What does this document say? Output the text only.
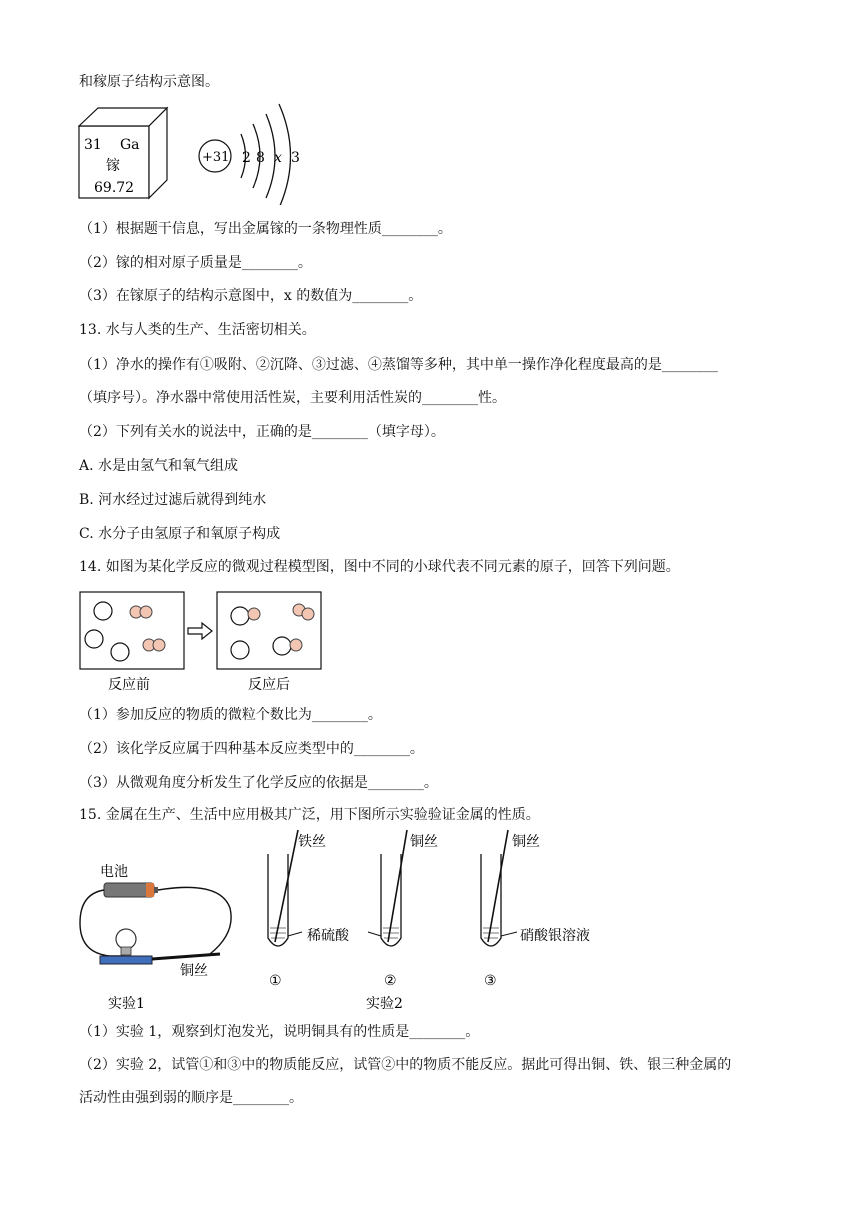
和稼原子结构示意图。
31 Ga
镓
69.72
+31 2 8 x 3
（1）根据题干信息，写出金属镓的一条物理性质________。
（2）镓的相对原子质量是________。
（3）在镓原子的结构示意图中，x 的数值为________。
13. 水与人类的生产、生活密切相关。
（1）净水的操作有①吸附、②沉降、③过滤、④蒸馏等多种，其中单一操作净化程度最高的是________
（填序号）。净水器中常使用活性炭，主要利用活性炭的________性。
（2）下列有关水的说法中，正确的是________（填字母）。
A. 水是由氢气和氧气组成
B. 河水经过过滤后就得到纯水
C. 水分子由氢原子和氧原子构成
14. 如图为某化学反应的微观过程模型图，图中不同的小球代表不同元素的原子，回答下列问题。
反应前	反应后
（1）参加反应的物质的微粒个数比为________。
（2）该化学反应属于四种基本反应类型中的________。
（3）从微观角度分析发生了化学反应的依据是________。
15. 金属在生产、生活中应用极其广泛，用下图所示实验验证金属的性质。
电池
铜丝
实验1
铁丝	铜丝	铜丝
稀硫酸	硝酸银溶液
①	②	③
实验2
（1）实验 1，观察到灯泡发光，说明铜具有的性质是________。
（2）实验 2，试管①和③中的物质能反应，试管②中的物质不能反应。据此可得出铜、铁、银三种金属的
活动性由强到弱的顺序是________。
